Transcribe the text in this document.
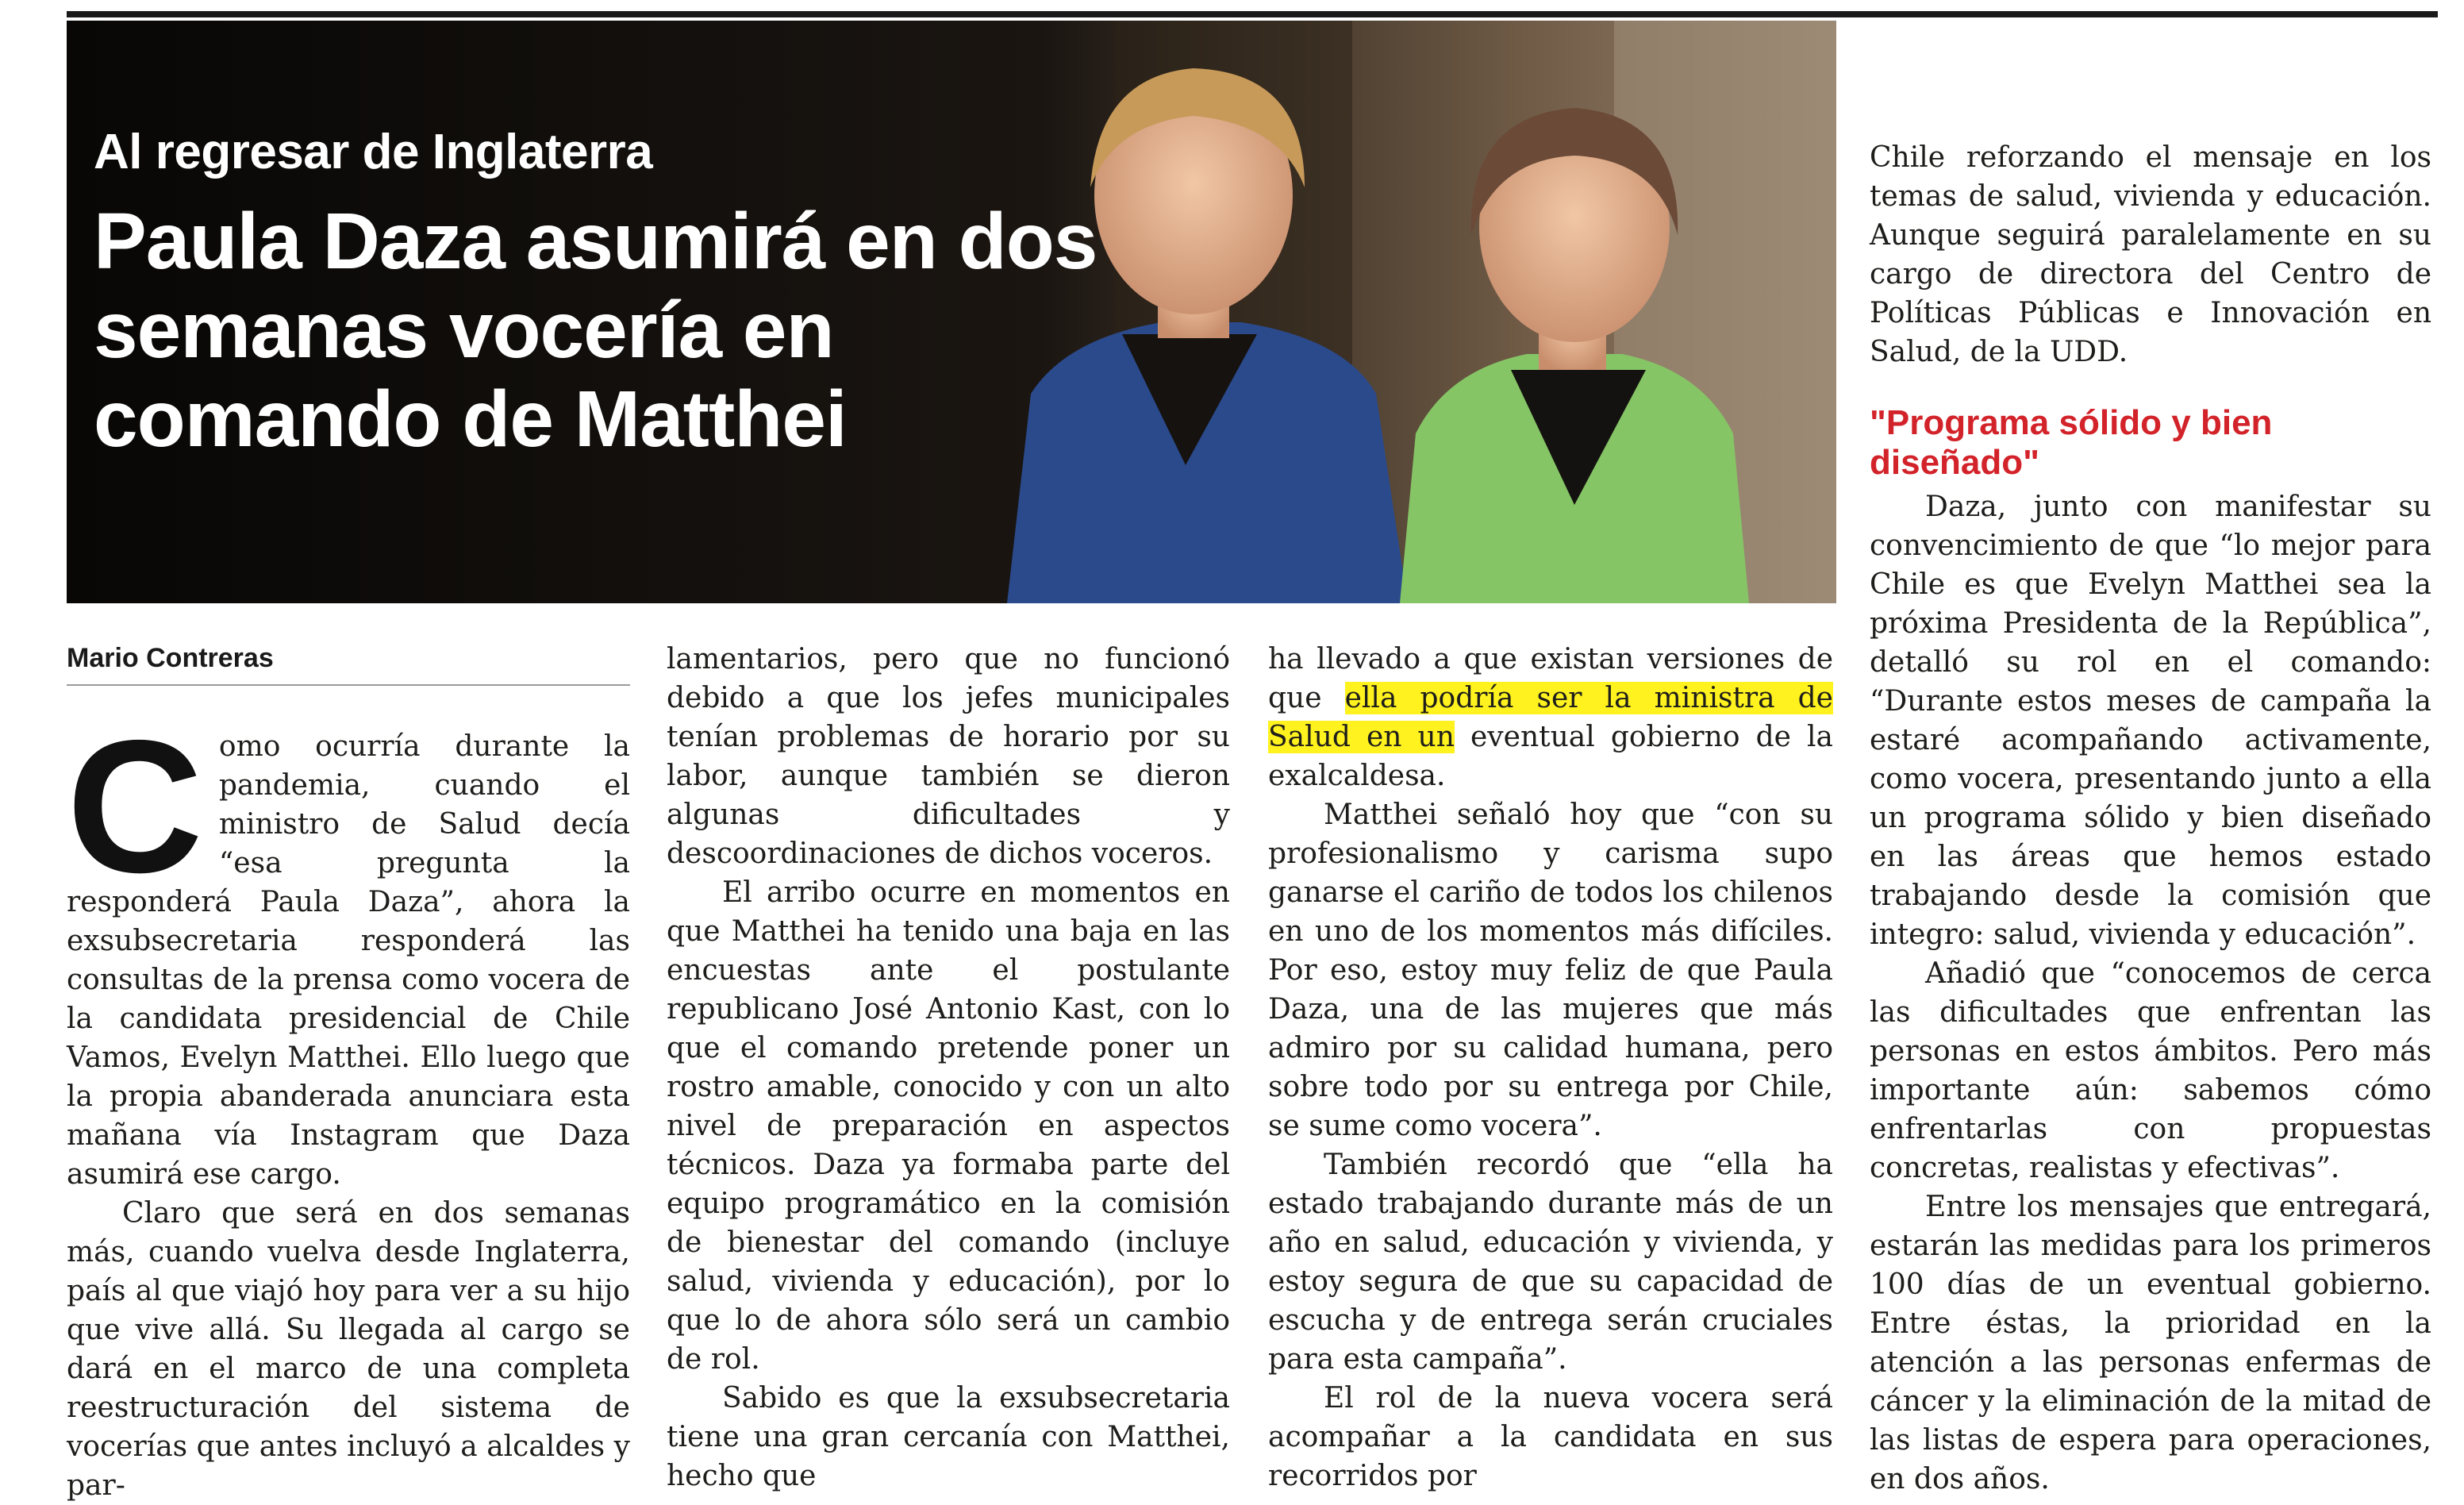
Al regresar de Inglaterra
Paula Daza asumirá en dos semanas vocería en comando de Matthei
Mario Contreras
C omo ocurría durante la pandemia, cuando el ministro de Salud decía “esa pregunta la responderá Paula Daza”, ahora la exsubsecretaria responderá las consultas de la prensa como vocera de la candidata presidencial de Chile Vamos, Evelyn Matthei. Ello luego que la propia abanderada anunciara esta mañana vía Instagram que Daza asumirá ese cargo.

Claro que será en dos semanas más, cuando vuelva desde Inglaterra, país al que viajó hoy para ver a su hijo que vive allá. Su llegada al cargo se dará en el marco de una completa reestructuración del sistema de vocerías que antes incluyó a alcaldes y par-

lamentarios, pero que no funcionó debido a que los jefes municipales tenían problemas de horario por su labor, aunque también se dieron algunas dificultades y descoordinaciones de dichos voceros.

El arribo ocurre en momentos en que Matthei ha tenido una baja en las encuestas ante el postulante republicano José Antonio Kast, con lo que el comando pretende poner un rostro amable, conocido y con un alto nivel de preparación en aspectos técnicos. Daza ya formaba parte del equipo programático en la comisión de bienestar del comando (incluye salud, vivienda y educación), por lo que lo de ahora sólo será un cambio de rol.

Sabido es que la exsubsecretaria tiene una gran cercanía con Matthei, hecho que

ha llevado a que existan versiones de que ella podría ser la ministra de Salud en un eventual gobierno de la exalcaldesa.

Matthei señaló hoy que “con su profesionalismo y carisma supo ganarse el cariño de todos los chilenos en uno de los momentos más difíciles. Por eso, estoy muy feliz de que Paula Daza, una de las mujeres que más admiro por su calidad humana, pero sobre todo por su entrega por Chile, se sume como vocera”.

También recordó que “ella ha estado trabajando durante más de un año en salud, educación y vivienda, y estoy segura de que su capacidad de escucha y de entrega serán cruciales para esta campaña”.

El rol de la nueva vocera será acompañar a la candidata en sus recorridos por

Chile reforzando el mensaje en los temas de salud, vivienda y educación. Aunque seguirá paralelamente en su cargo de directora del Centro de Políticas Públicas e Innovación en Salud, de la UDD.

"Programa sólido y bien diseñado"

Daza, junto con manifestar su convencimiento de que “lo mejor para Chile es que Evelyn Matthei sea la próxima Presidenta de la República”, detalló su rol en el comando: “Durante estos meses de campaña la estaré acompañando activamente, como vocera, presentando junto a ella un programa sólido y bien diseñado en las áreas que hemos estado trabajando desde la comisión que integro: salud, vivienda y educación”.

Añadió que “conocemos de cerca las dificultades que enfrentan las personas en estos ámbitos. Pero más importante aún: sabemos cómo enfrentarlas con propuestas concretas, realistas y efectivas”.

Entre los mensajes que entregará, estarán las medidas para los primeros 100 días de un eventual gobierno. Entre éstas, la prioridad en la atención a las personas enfermas de cáncer y la eliminación de la mitad de las listas de espera para operaciones, en dos años.
